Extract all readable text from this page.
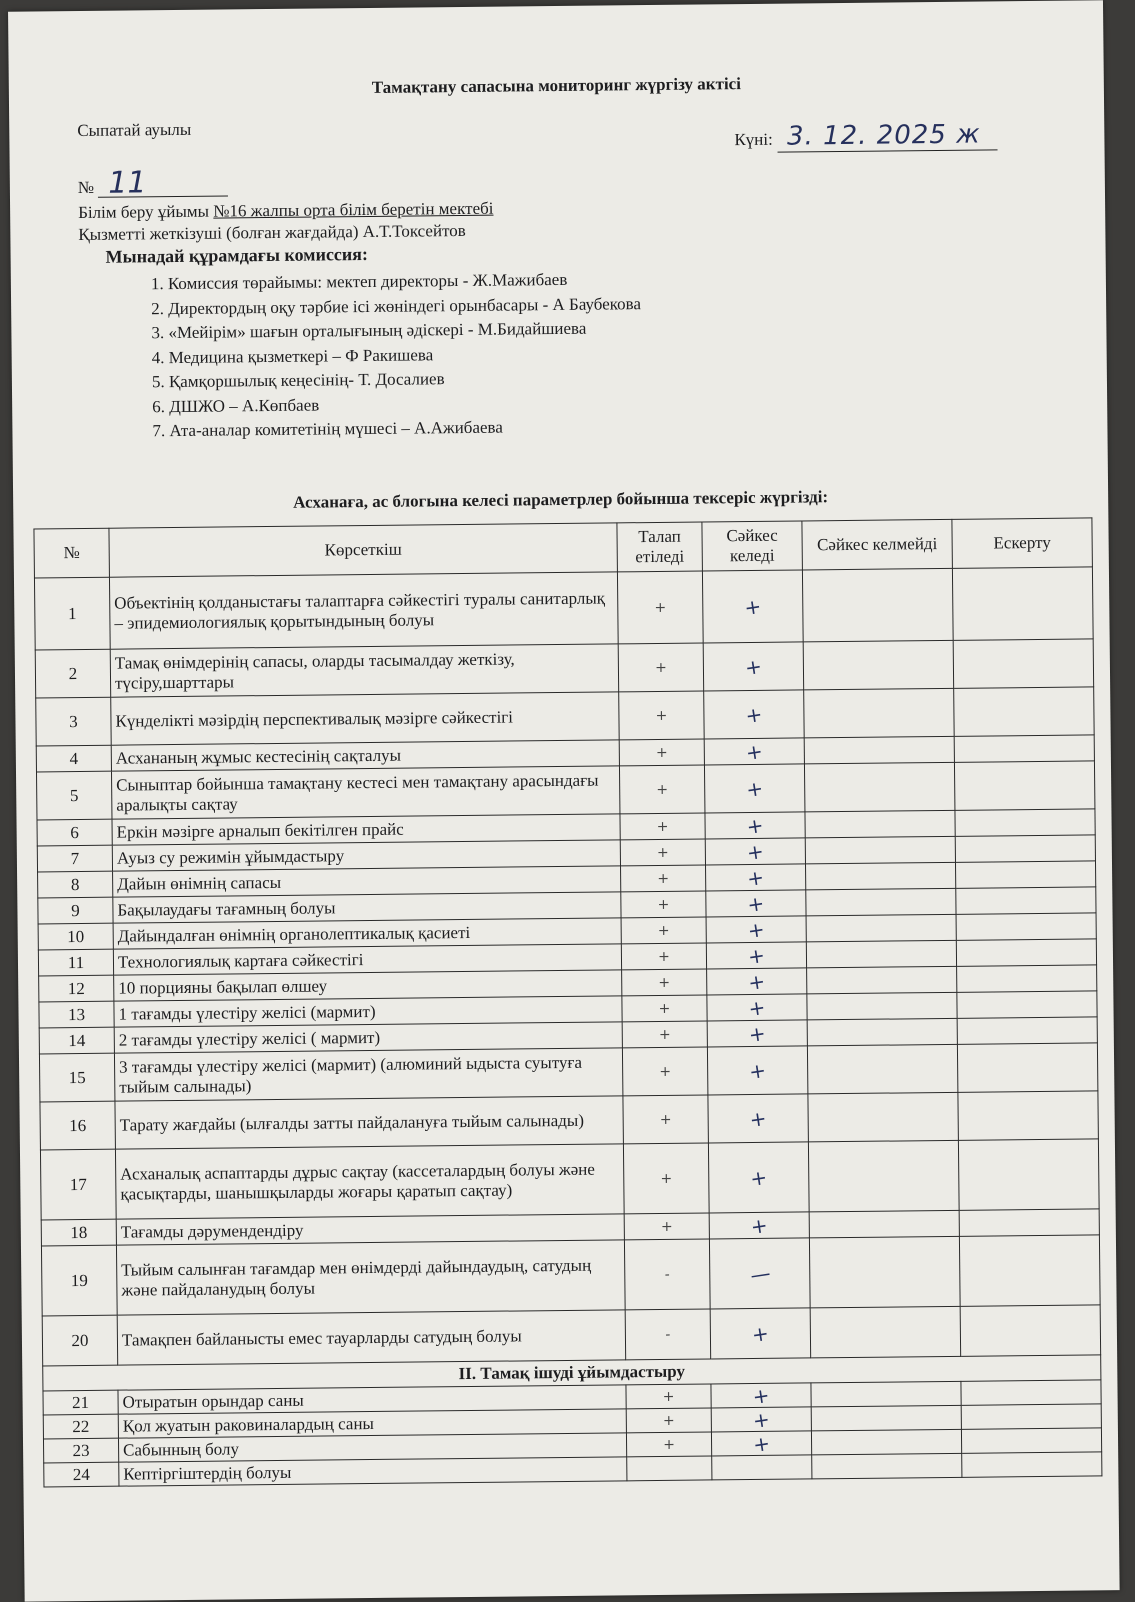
Тамақтану сапасына мониторинг жүргізу актісі
Сыпатай ауылы	Күні: 3. 12. 2025 ж
№ 11
Білім беру ұйымы №16 жалпы орта білім беретін мектебі
Қызметті жеткізуші (болған жағдайда) А.Т.Токсейтов
Мынадай құрамдағы комиссия:
1. Комиссия төрайымы: мектеп директоры - Ж.Мажибаев
2. Директордың оқу тәрбие ісі жөніндегі орынбасары - А Баубекова
3. «Мейірім» шағын орталығының әдіскері - М.Бидайшиева
4. Медицина қызметкері – Ф Ракишева
5. Қамқоршылық кеңесінің- Т. Досалиев
6. ДШЖО – А.Көпбаев
7. Ата-аналар комитетінің мүшесі – А.Ажибаева
Асханаға, ас блогына келесі параметрлер бойынша тексеріс жүргізді:
№	Көрсеткіш	Талап етіледі	Сәйкес келеді	Сәйкес келмейді	Ескерту
1	Объектінің қолданыстағы талаптарға сәйкестігі туралы санитарлық – эпидемиологиялық қорытындының болуы	+	+		
2	Тамақ өнімдерінің сапасы, оларды тасымалдау жеткізу, түсіру,шарттары	+	+		
3	Күнделікті мәзірдің перспективалық мәзірге сәйкестігі	+	+		
4	Асхананың жұмыс кестесінің сақталуы	+	+		
5	Сыныптар бойынша тамақтану кестесі мен тамақтану арасындағы аралықты сақтау	+	+		
6	Еркін мәзірге арналып бекітілген прайс	+	+		
7	Ауыз су режимін ұйымдастыру	+	+		
8	Дайын өнімнің сапасы	+	+		
9	Бақылаудағы тағамның болуы	+	+		
10	Дайындалған өнімнің органолептикалық қасиеті	+	+		
11	Технологиялық картаға сәйкестігі	+	+		
12	10 порцияны бақылап өлшеу	+	+		
13	1 тағамды үлестіру желісі (мармит)	+	+		
14	2 тағамды үлестіру желісі ( мармит)	+	+		
15	3 тағамды үлестіру желісі (мармит) (алюминий ыдыста суытуға тыйым салынады)	+	+		
16	Тарату жағдайы (ылғалды затты пайдалануға тыйым салынады)	+	+		
17	Асханалық аспаптарды дұрыс сақтау (кассеталардың болуы және қасықтарды, шанышқыларды жоғары қаратып сақтау)	+	+		
18	Тағамды дәрумендендіру	+	+		
19	Тыйым салынған тағамдар мен өнімдерді дайындаудың, сатудың және пайдаланудың болуы	-	—		
20	Тамақпен байланысты емес тауарларды сатудың болуы	-	+		
ІІ. Тамақ ішуді ұйымдастыру					
21	Отыратын орындар саны	+	+		
22	Қол жуатын раковиналардың саны	+	+		
23	Сабынның болу	+	+		
24	Кептіргіштердің болуы				
